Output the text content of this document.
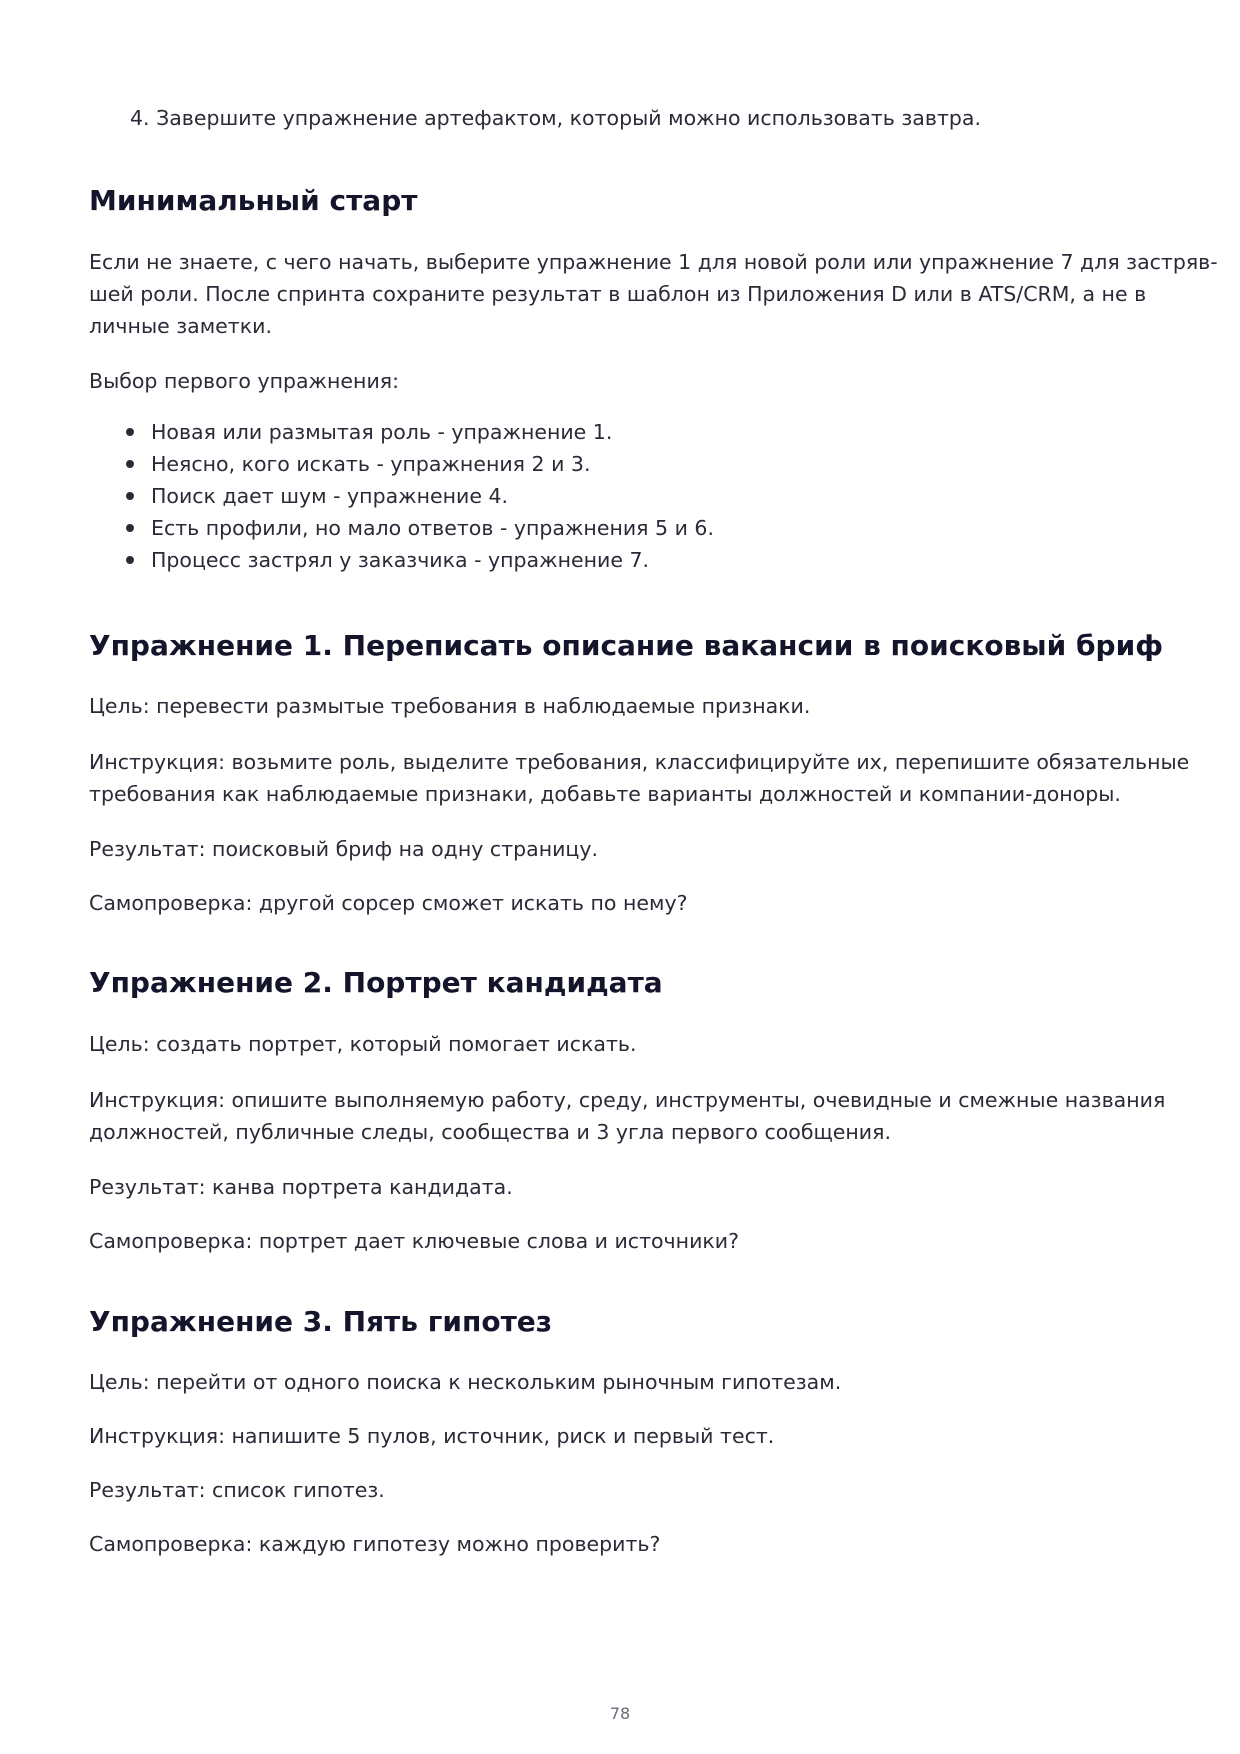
4. Завершите упражнение артефактом, который можно использовать завтра.
Минимальный старт

Если не знаете, с чего начать, выберите упражнение 1 для новой роли или упражнение 7 для застряв-
шей роли. После спринта сохраните результат в шаблон из Приложения D или в ATS/CRM, а не в
личные заметки.

Выбор первого упражнения:

Новая или размытая роль - упражнение 1.
Неясно, кого искать - упражнения 2 и 3.
Поиск дает шум - упражнение 4.
Есть профили, но мало ответов - упражнения 5 и 6.
Процесс застрял у заказчика - упражнение 7.
Упражнение 1. Переписать описание вакансии в поисковый бриф

Цель: перевести размытые требования в наблюдаемые признаки.

Инструкция: возьмите роль, выделите требования, классифицируйте их, перепишите обязательные
требования как наблюдаемые признаки, добавьте варианты должностей и компании-доноры.

Результат: поисковый бриф на одну страницу.

Самопроверка: другой сорсер сможет искать по нему?

Упражнение 2. Портрет кандидата

Цель: создать портрет, который помогает искать.

Инструкция: опишите выполняемую работу, среду, инструменты, очевидные и смежные названия
должностей, публичные следы, сообщества и 3 угла первого сообщения.

Результат: канва портрета кандидата.

Самопроверка: портрет дает ключевые слова и источники?

Упражнение 3. Пять гипотез

Цель: перейти от одного поиска к нескольким рыночным гипотезам.

Инструкция: напишите 5 пулов, источник, риск и первый тест.

Результат: список гипотез.

Самопроверка: каждую гипотезу можно проверить?

78
